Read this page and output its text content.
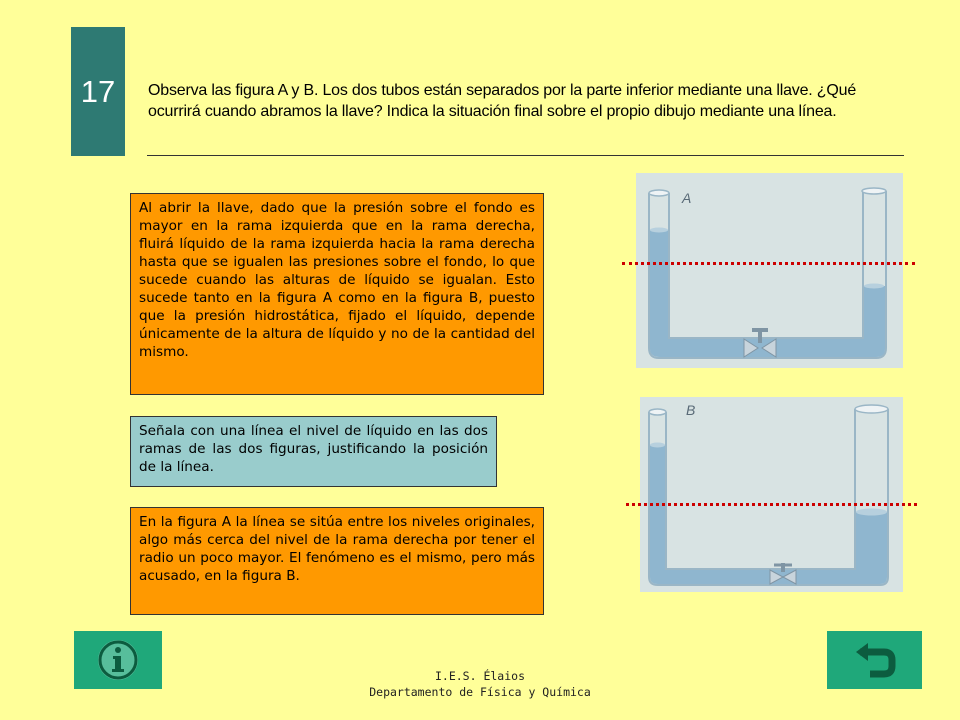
17	Observa las figura A y B. Los dos tubos están separados por la parte inferior mediante una llave. ¿Qué ocurrirá cuando abramos la llave? Indica la situación final sobre el propio dibujo mediante una línea.
Al abrir la llave, dado que la presión sobre el fondo es mayor en la rama izquierda que en la rama derecha, fluirá líquido de la rama izquierda hacia la rama derecha hasta que se igualen las presiones sobre el fondo, lo que sucede cuando las alturas de líquido se igualan. Esto sucede tanto en la figura A como en la figura B, puesto que la presión hidrostática, fijado el líquido, depende únicamente de la altura de líquido y no de la cantidad del mismo.
Señala con una línea el nivel de líquido en las dos ramas de las dos figuras, justificando la posición de la línea.
En la figura A la línea se sitúa entre los niveles originales, algo más cerca del nivel de la rama derecha por tener el radio un poco mayor. El fenómeno es el mismo, pero más acusado, en la figura B.
A
B
I.E.S. Élaios
Departamento de Física y Química
